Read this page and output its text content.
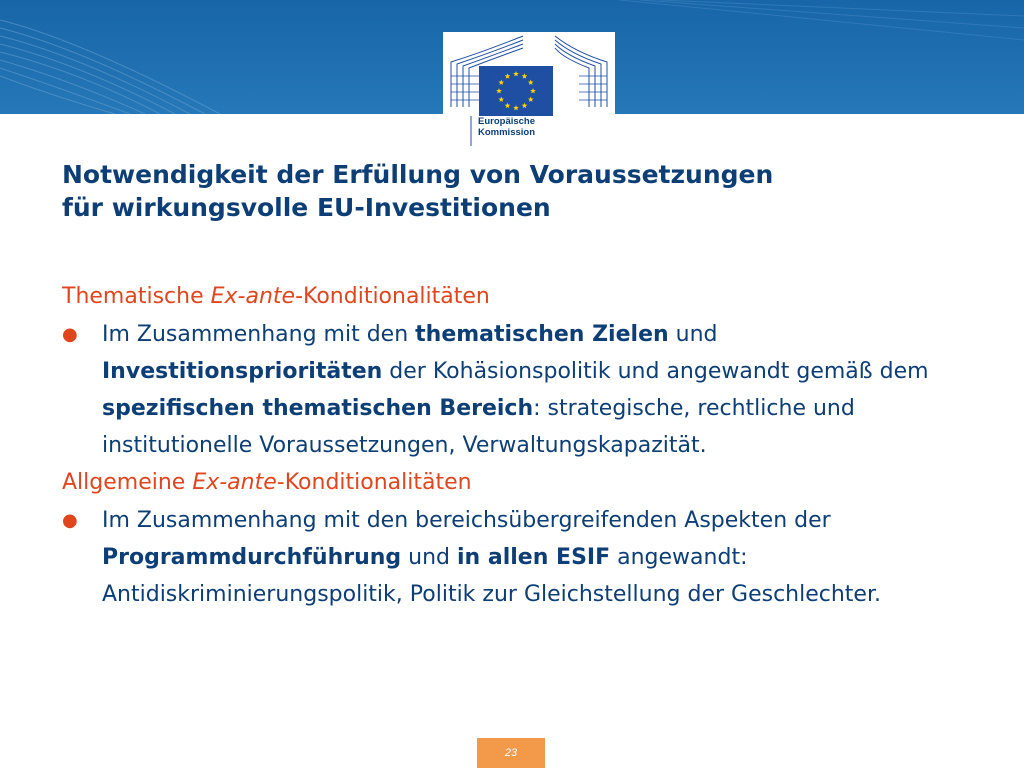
Europäische
Kommission
Notwendigkeit der Erfüllung von Voraussetzungen
für wirkungsvolle EU-Investitionen
Thematische Ex-ante-Konditionalitäten
● Im Zusammenhang mit den thematischen Zielen und Investitionsprioritäten der Kohäsionspolitik und angewandt gemäß dem spezifischen thematischen Bereich: strategische, rechtliche und institutionelle Voraussetzungen, Verwaltungskapazität.
Allgemeine Ex-ante-Konditionalitäten
● Im Zusammenhang mit den bereichsübergreifenden Aspekten der Programmdurchführung und in allen ESIF angewandt: Antidiskriminierungspolitik, Politik zur Gleichstellung der Geschlechter.
23
